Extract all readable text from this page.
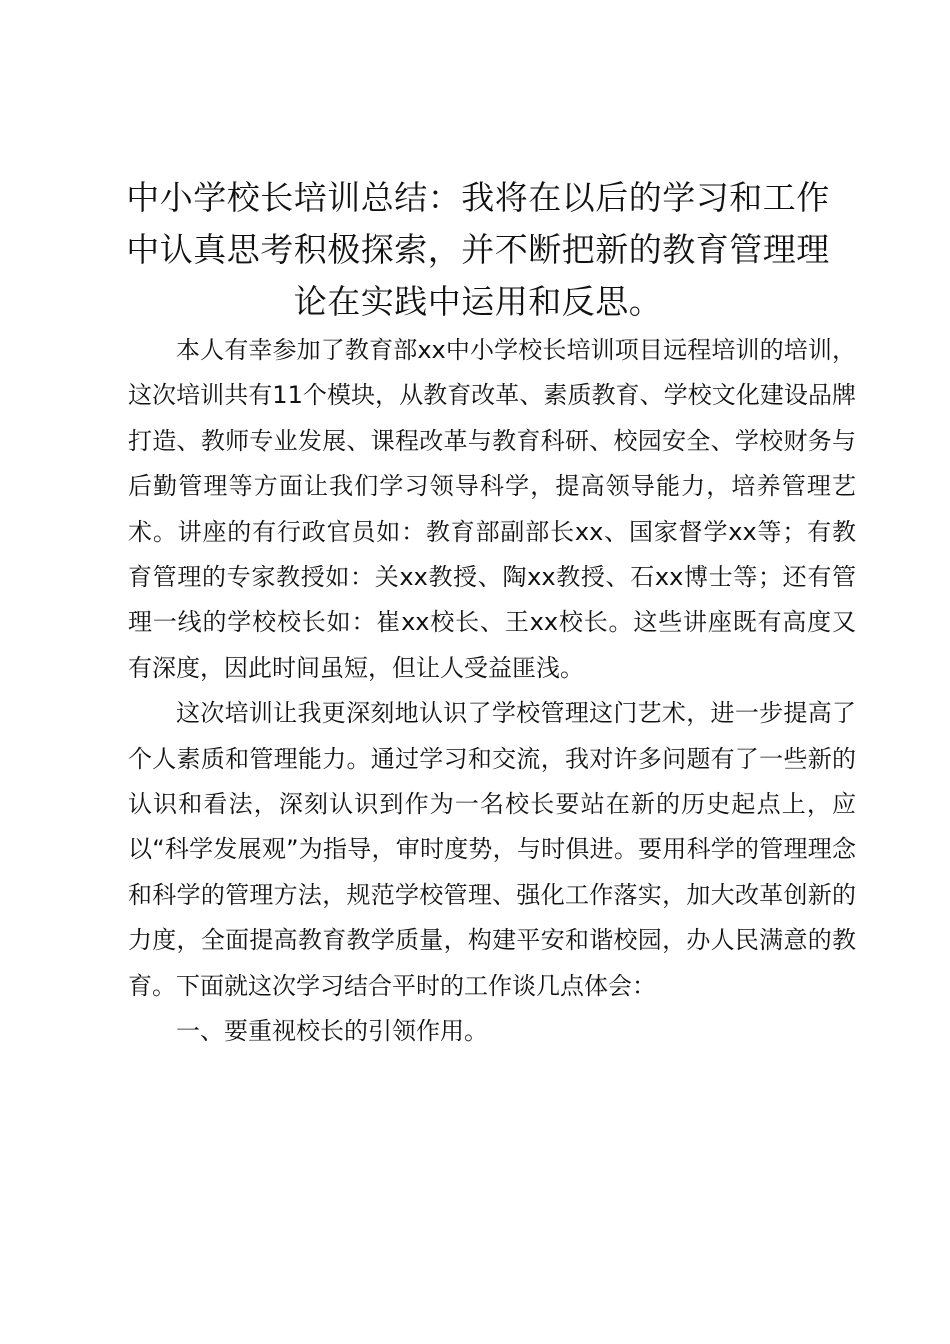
中小学校长培训总结：我将在以后的学习和工作中认真思考积极探索，并不断把新的教育管理理论在实践中运用和反思。

本人有幸参加了教育部xx中小学校长培训项目远程培训的培训，这次培训共有11个模块，从教育改革、素质教育、学校文化建设品牌打造、教师专业发展、课程改革与教育科研、校园安全、学校财务与后勤管理等方面让我们学习领导科学，提高领导能力，培养管理艺术。讲座的有行政官员如：教育部副部长xx、国家督学xx等；有教育管理的专家教授如：关xx教授、陶xx教授、石xx博士等；还有管理一线的学校校长如：崔xx校长、王xx校长。这些讲座既有高度又有深度，因此时间虽短，但让人受益匪浅。

这次培训让我更深刻地认识了学校管理这门艺术，进一步提高了个人素质和管理能力。通过学习和交流，我对许多问题有了一些新的认识和看法，深刻认识到作为一名校长要站在新的历史起点上，应以“科学发展观”为指导，审时度势，与时俱进。要用科学的管理理念和科学的管理方法，规范学校管理、强化工作落实，加大改革创新的力度，全面提高教育教学质量，构建平安和谐校园，办人民满意的教育。下面就这次学习结合平时的工作谈几点体会：

一、要重视校长的引领作用。
